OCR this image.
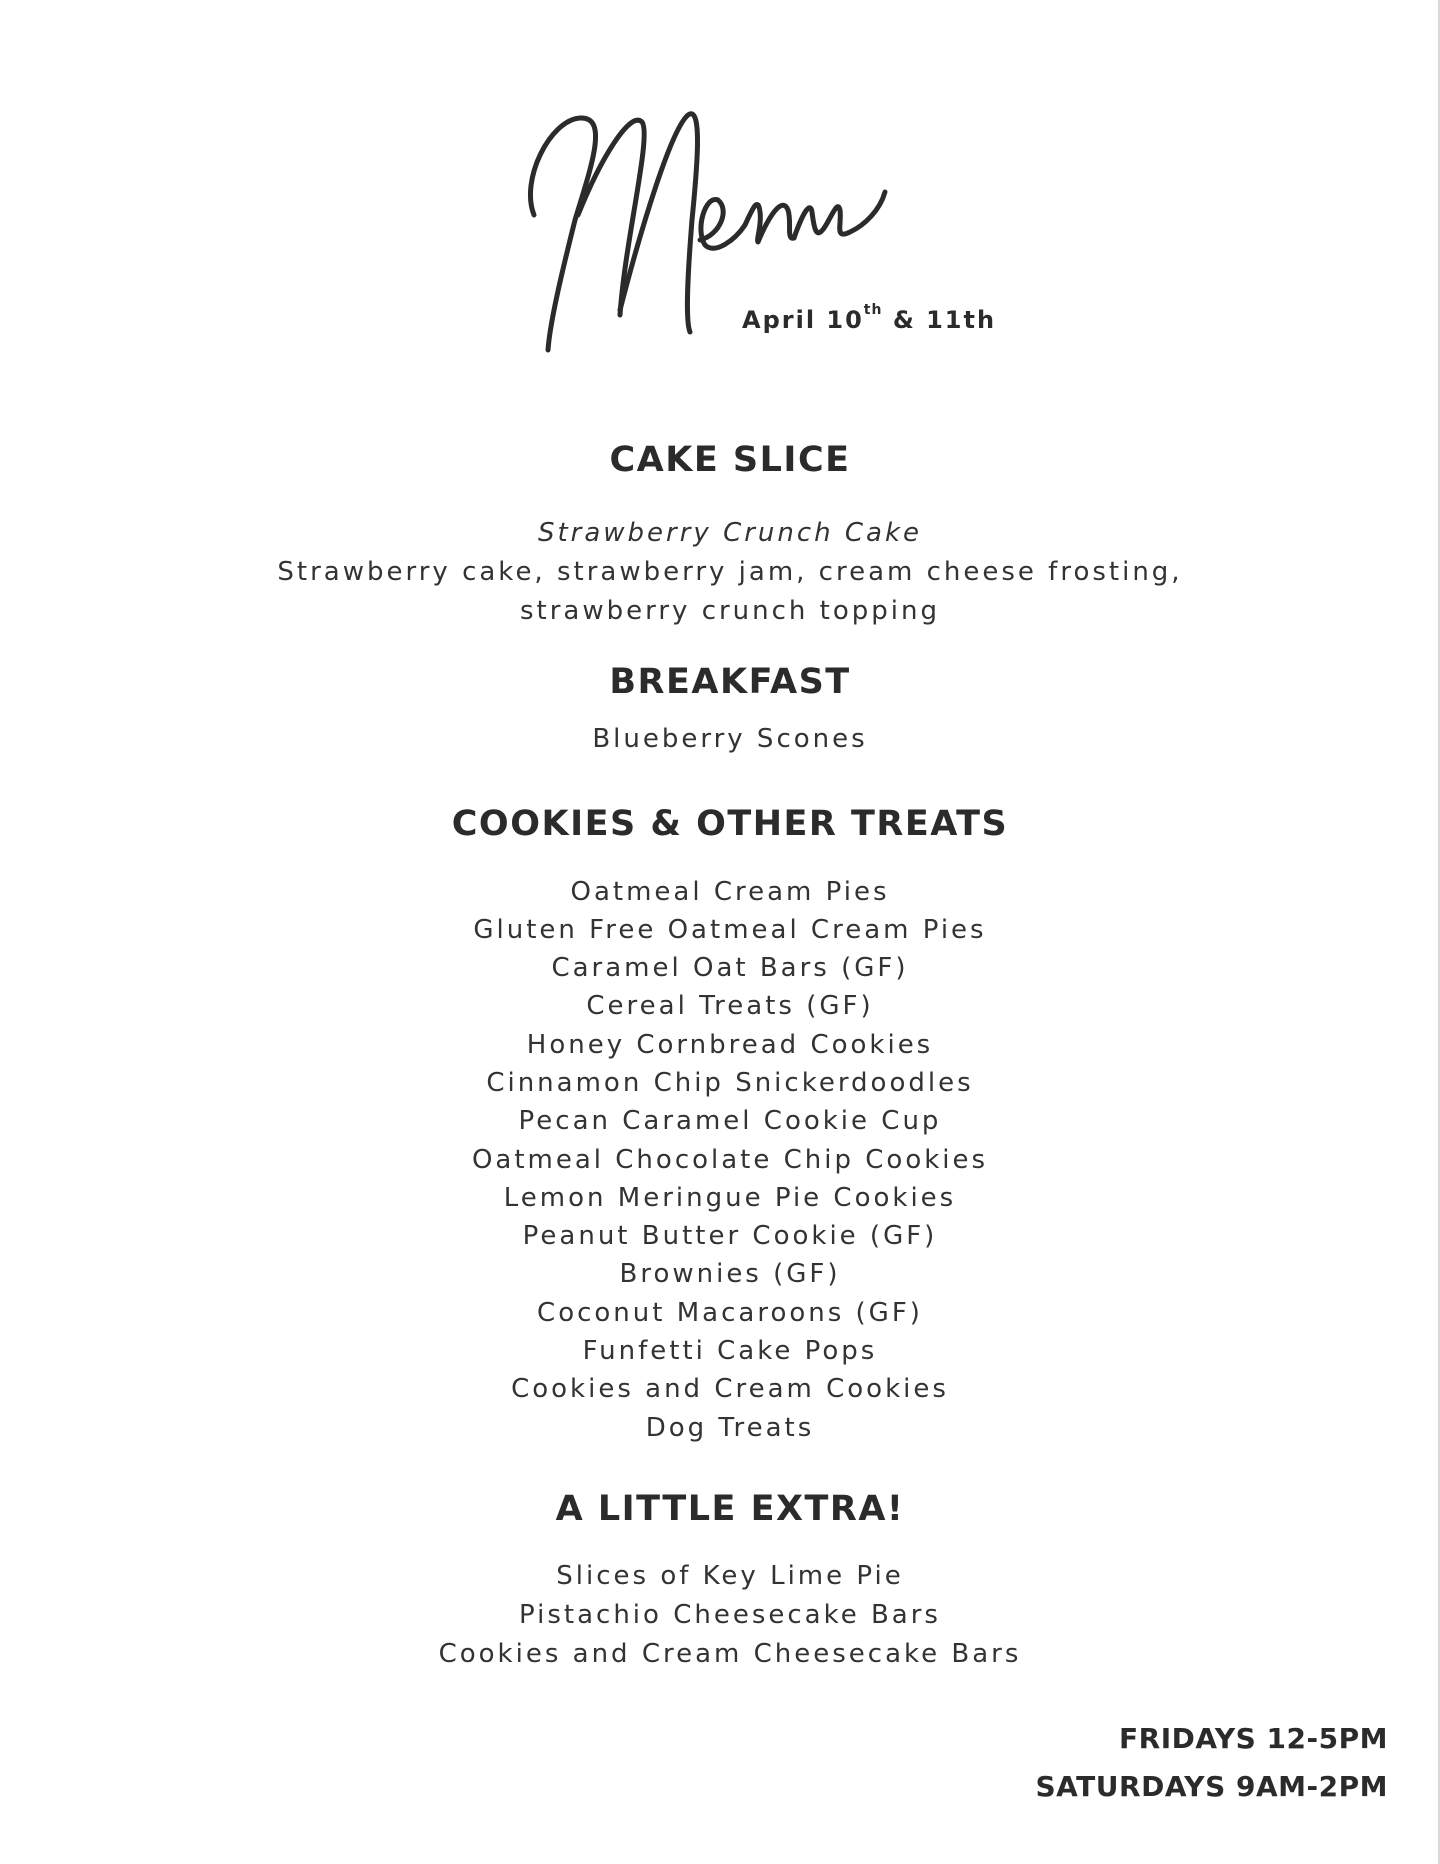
April 10th & 11th
CAKE SLICE

Strawberry Crunch Cake

Strawberry cake, strawberry jam, cream cheese frosting,

strawberry crunch topping

BREAKFAST

Blueberry Scones

COOKIES & OTHER TREATS

Oatmeal Cream Pies

Gluten Free Oatmeal Cream Pies

Caramel Oat Bars (GF)

Cereal Treats (GF)

Honey Cornbread Cookies

Cinnamon Chip Snickerdoodles

Pecan Caramel Cookie Cup

Oatmeal Chocolate Chip Cookies

Lemon Meringue Pie Cookies

Peanut Butter Cookie (GF)

Brownies (GF)

Coconut Macaroons (GF)

Funfetti Cake Pops

Cookies and Cream Cookies

Dog Treats

A LITTLE EXTRA!

Slices of Key Lime Pie

Pistachio Cheesecake Bars

Cookies and Cream Cheesecake Bars

FRIDAYS 12-5PM
SATURDAYS 9AM-2PM
